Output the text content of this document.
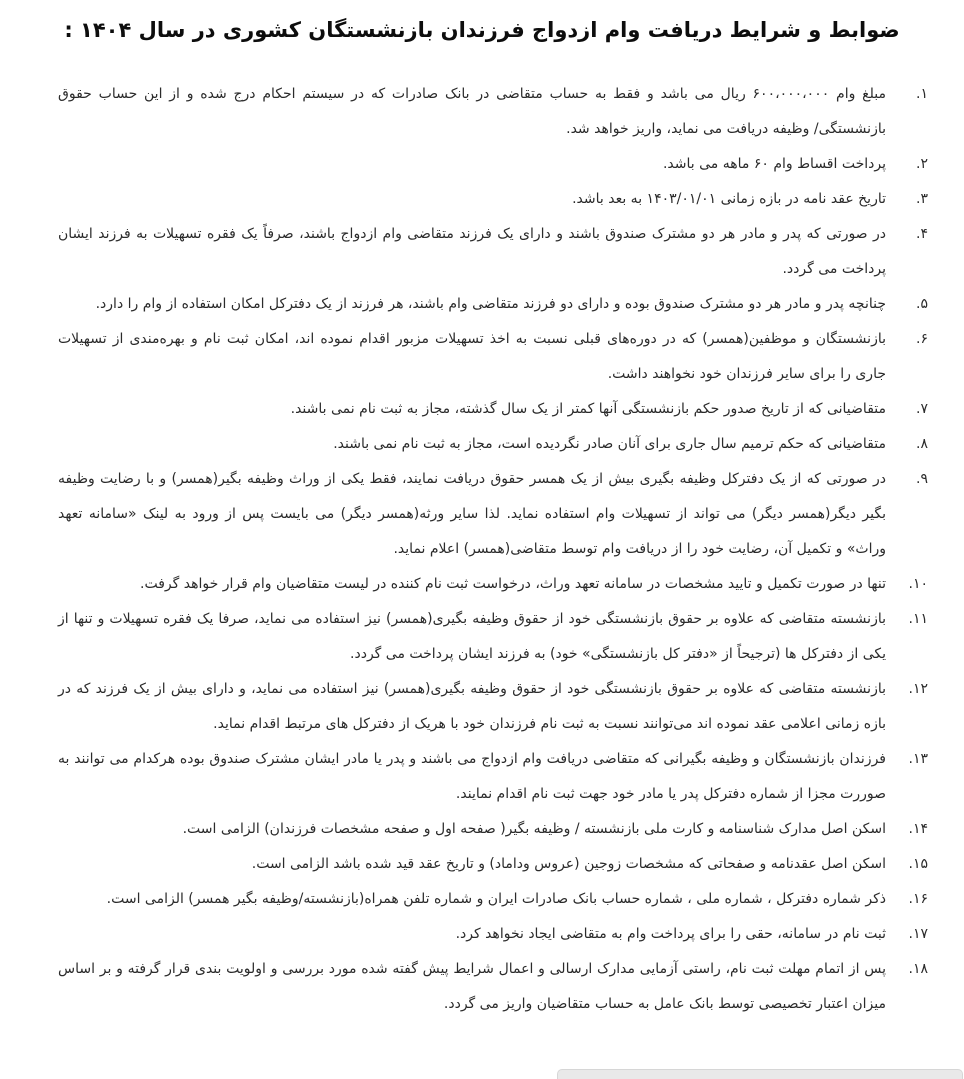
ضوابط و شرایط دریافت وام ازدواج فرزندان بازنشستگان کشوری در سال ۱۴۰۴ :
۱.
مبلغ وام ۶۰۰،۰۰۰،۰۰۰ ریال می باشد و فقط به حساب متقاضی در بانک صادرات که در سیستم احکام درج شده و از این حساب حقوق بازنشستگی/ وظیفه دریافت می نماید، واریز خواهد شد.
۲.
پرداخت اقساط وام ۶۰ ماهه می باشد.
۳.
تاریخ عقد نامه در بازه زمانی ۱۴۰۳/۰۱/۰۱ به بعد باشد.
۴.
در صورتی که پدر و مادر هر دو مشترک صندوق باشند و دارای یک فرزند متقاضی وام ازدواج باشند، صرفاً یک فقره تسهیلات به فرزند ایشان پرداخت می گردد.
۵.
چنانچه پدر و مادر هر دو مشترک صندوق بوده و دارای دو فرزند متقاضی وام باشند، هر فرزند از یک دفترکل امکان استفاده از وام را دارد.
۶.
بازنشستگان و موظفین(همسر) که در دوره‌های قبلی نسبت به اخذ تسهیلات مزبور اقدام نموده اند، امکان ثبت نام و بهره‌مندی از تسهیلات جاری را برای سایر فرزندان خود نخواهند داشت.
۷.
متقاضیانی که از تاریخ صدور حکم بازنشستگی آنها کمتر از یک سال گذشته، مجاز به ثبت نام نمی باشند.
۸.
متقاضیانی که حکم ترمیم سال جاری برای آنان صادر نگردیده است، مجاز به ثبت نام نمی باشند.
۹.
در صورتی که از یک دفترکل وظیفه بگیری بیش از یک همسر حقوق دریافت نمایند، فقط یکی از وراث وظیفه بگیر(همسر) و با رضایت وظیفه بگیر دیگر(همسر دیگر) می تواند از تسهیلات وام استفاده نماید. لذا سایر ورثه(همسر دیگر) می بایست پس از ورود به لینک «سامانه تعهد وراث» و تکمیل آن، رضایت خود را از دریافت وام توسط متقاضی(همسر) اعلام نماید.
۱۰.
تنها در صورت تکمیل و تایید مشخصات در سامانه تعهد وراث، درخواست ثبت نام کننده در لیست متقاضیان وام قرار خواهد گرفت.
۱۱.
بازنشسته متقاضی که علاوه بر حقوق بازنشستگی خود از حقوق وظیفه بگیری(همسر) نیز استفاده می نماید، صرفا یک فقره تسهیلات و تنها از یکی از دفترکل ها (ترجیحاً از «دفتر کل بازنشستگی» خود) به فرزند ایشان پرداخت می گردد.
۱۲.
بازنشسته متقاضی که علاوه بر حقوق بازنشستگی خود از حقوق وظیفه بگیری(همسر) نیز استفاده می نماید، و دارای بیش از یک فرزند که در بازه زمانی اعلامی عقد نموده اند می‌توانند نسبت به ثبت نام فرزندان خود با هریک از دفترکل های مرتبط اقدام نماید.
۱۳.
فرزندان بازنشستگان و وظیفه بگیرانی که متقاضی دریافت وام ازدواج می باشند و پدر یا مادر ایشان مشترک صندوق بوده هرکدام می توانند به صوررت مجزا از شماره دفترکل پدر یا مادر خود جهت ثبت نام اقدام نمایند.
۱۴.
اسکن اصل مدارک شناسنامه و کارت ملی بازنشسته / وظیفه بگیر( صفحه اول و صفحه مشخصات فرزندان) الزامی است.
۱۵.
اسکن اصل عقدنامه و صفحاتی که مشخصات زوجین (عروس وداماد) و تاریخ عقد قید شده باشد الزامی است.
۱۶.
ذکر شماره دفترکل ، شماره ملی ، شماره حساب بانک صادرات ایران و شماره تلفن همراه(بازنشسته/وظیفه بگیر همسر) الزامی است.
۱۷.
ثبت نام در سامانه، حقی را برای پرداخت وام به متقاضی ایجاد نخواهد کرد.
۱۸.
پس از اتمام مهلت ثبت نام، راستی آزمایی مدارک ارسالی و اعمال شرایط پیش گفته شده مورد بررسی و اولویت بندی قرار گرفته و بر اساس میزان اعتبار تخصیصی توسط بانک عامل به حساب متقاضیان واریز می گردد.
